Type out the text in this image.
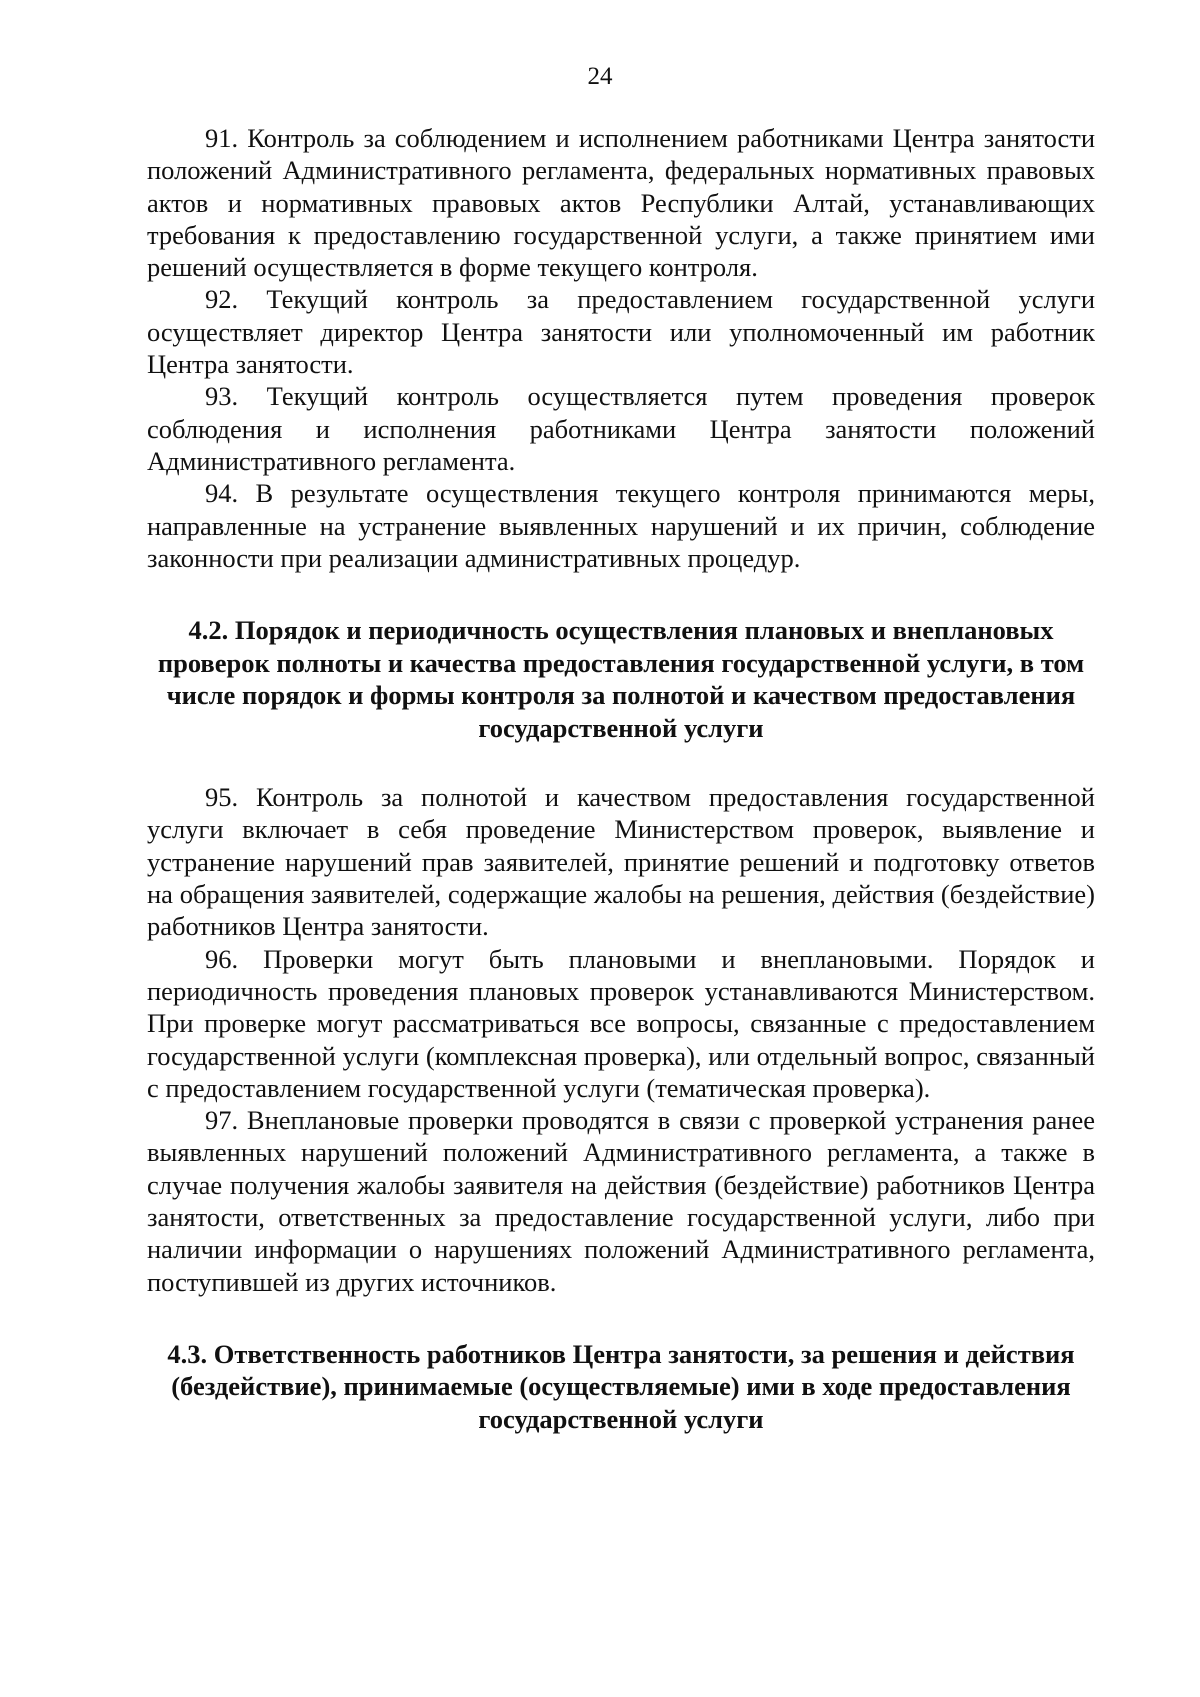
24

91. Контроль за соблюдением и исполнением работниками Центра занятости положений Административного регламента, федеральных нормативных правовых актов и нормативных правовых актов Республики Алтай, устанавливающих требования к предоставлению государственной услуги, а также принятием ими решений осуществляется в форме текущего контроля.

92. Текущий контроль за предоставлением государственной услуги осуществляет директор Центра занятости или уполномоченный им работник Центра занятости.

93. Текущий контроль осуществляется путем проведения проверок соблюдения и исполнения работниками Центра занятости положений Административного регламента.

94. В результате осуществления текущего контроля принимаются меры, направленные на устранение выявленных нарушений и их причин, соблюдение законности при реализации административных процедур.

4.2. Порядок и периодичность осуществления плановых и внеплановых проверок полноты и качества предоставления государственной услуги, в том числе порядок и формы контроля за полнотой и качеством предоставления государственной услуги

95. Контроль за полнотой и качеством предоставления государственной услуги включает в себя проведение Министерством проверок, выявление и устранение нарушений прав заявителей, принятие решений и подготовку ответов на обращения заявителей, содержащие жалобы на решения, действия (бездействие) работников Центра занятости.

96. Проверки могут быть плановыми и внеплановыми. Порядок и периодичность проведения плановых проверок устанавливаются Министерством. При проверке могут рассматриваться все вопросы, связанные с предоставлением государственной услуги (комплексная проверка), или отдельный вопрос, связанный с предоставлением государственной услуги (тематическая проверка).

97. Внеплановые проверки проводятся в связи с проверкой устранения ранее выявленных нарушений положений Административного регламента, а также в случае получения жалобы заявителя на действия (бездействие) работников Центра занятости, ответственных за предоставление государственной услуги, либо при наличии информации о нарушениях положений Административного регламента, поступившей из других источников.

4.3. Ответственность работников Центра занятости, за решения и действия (бездействие), принимаемые (осуществляемые) ими в ходе предоставления государственной услуги
